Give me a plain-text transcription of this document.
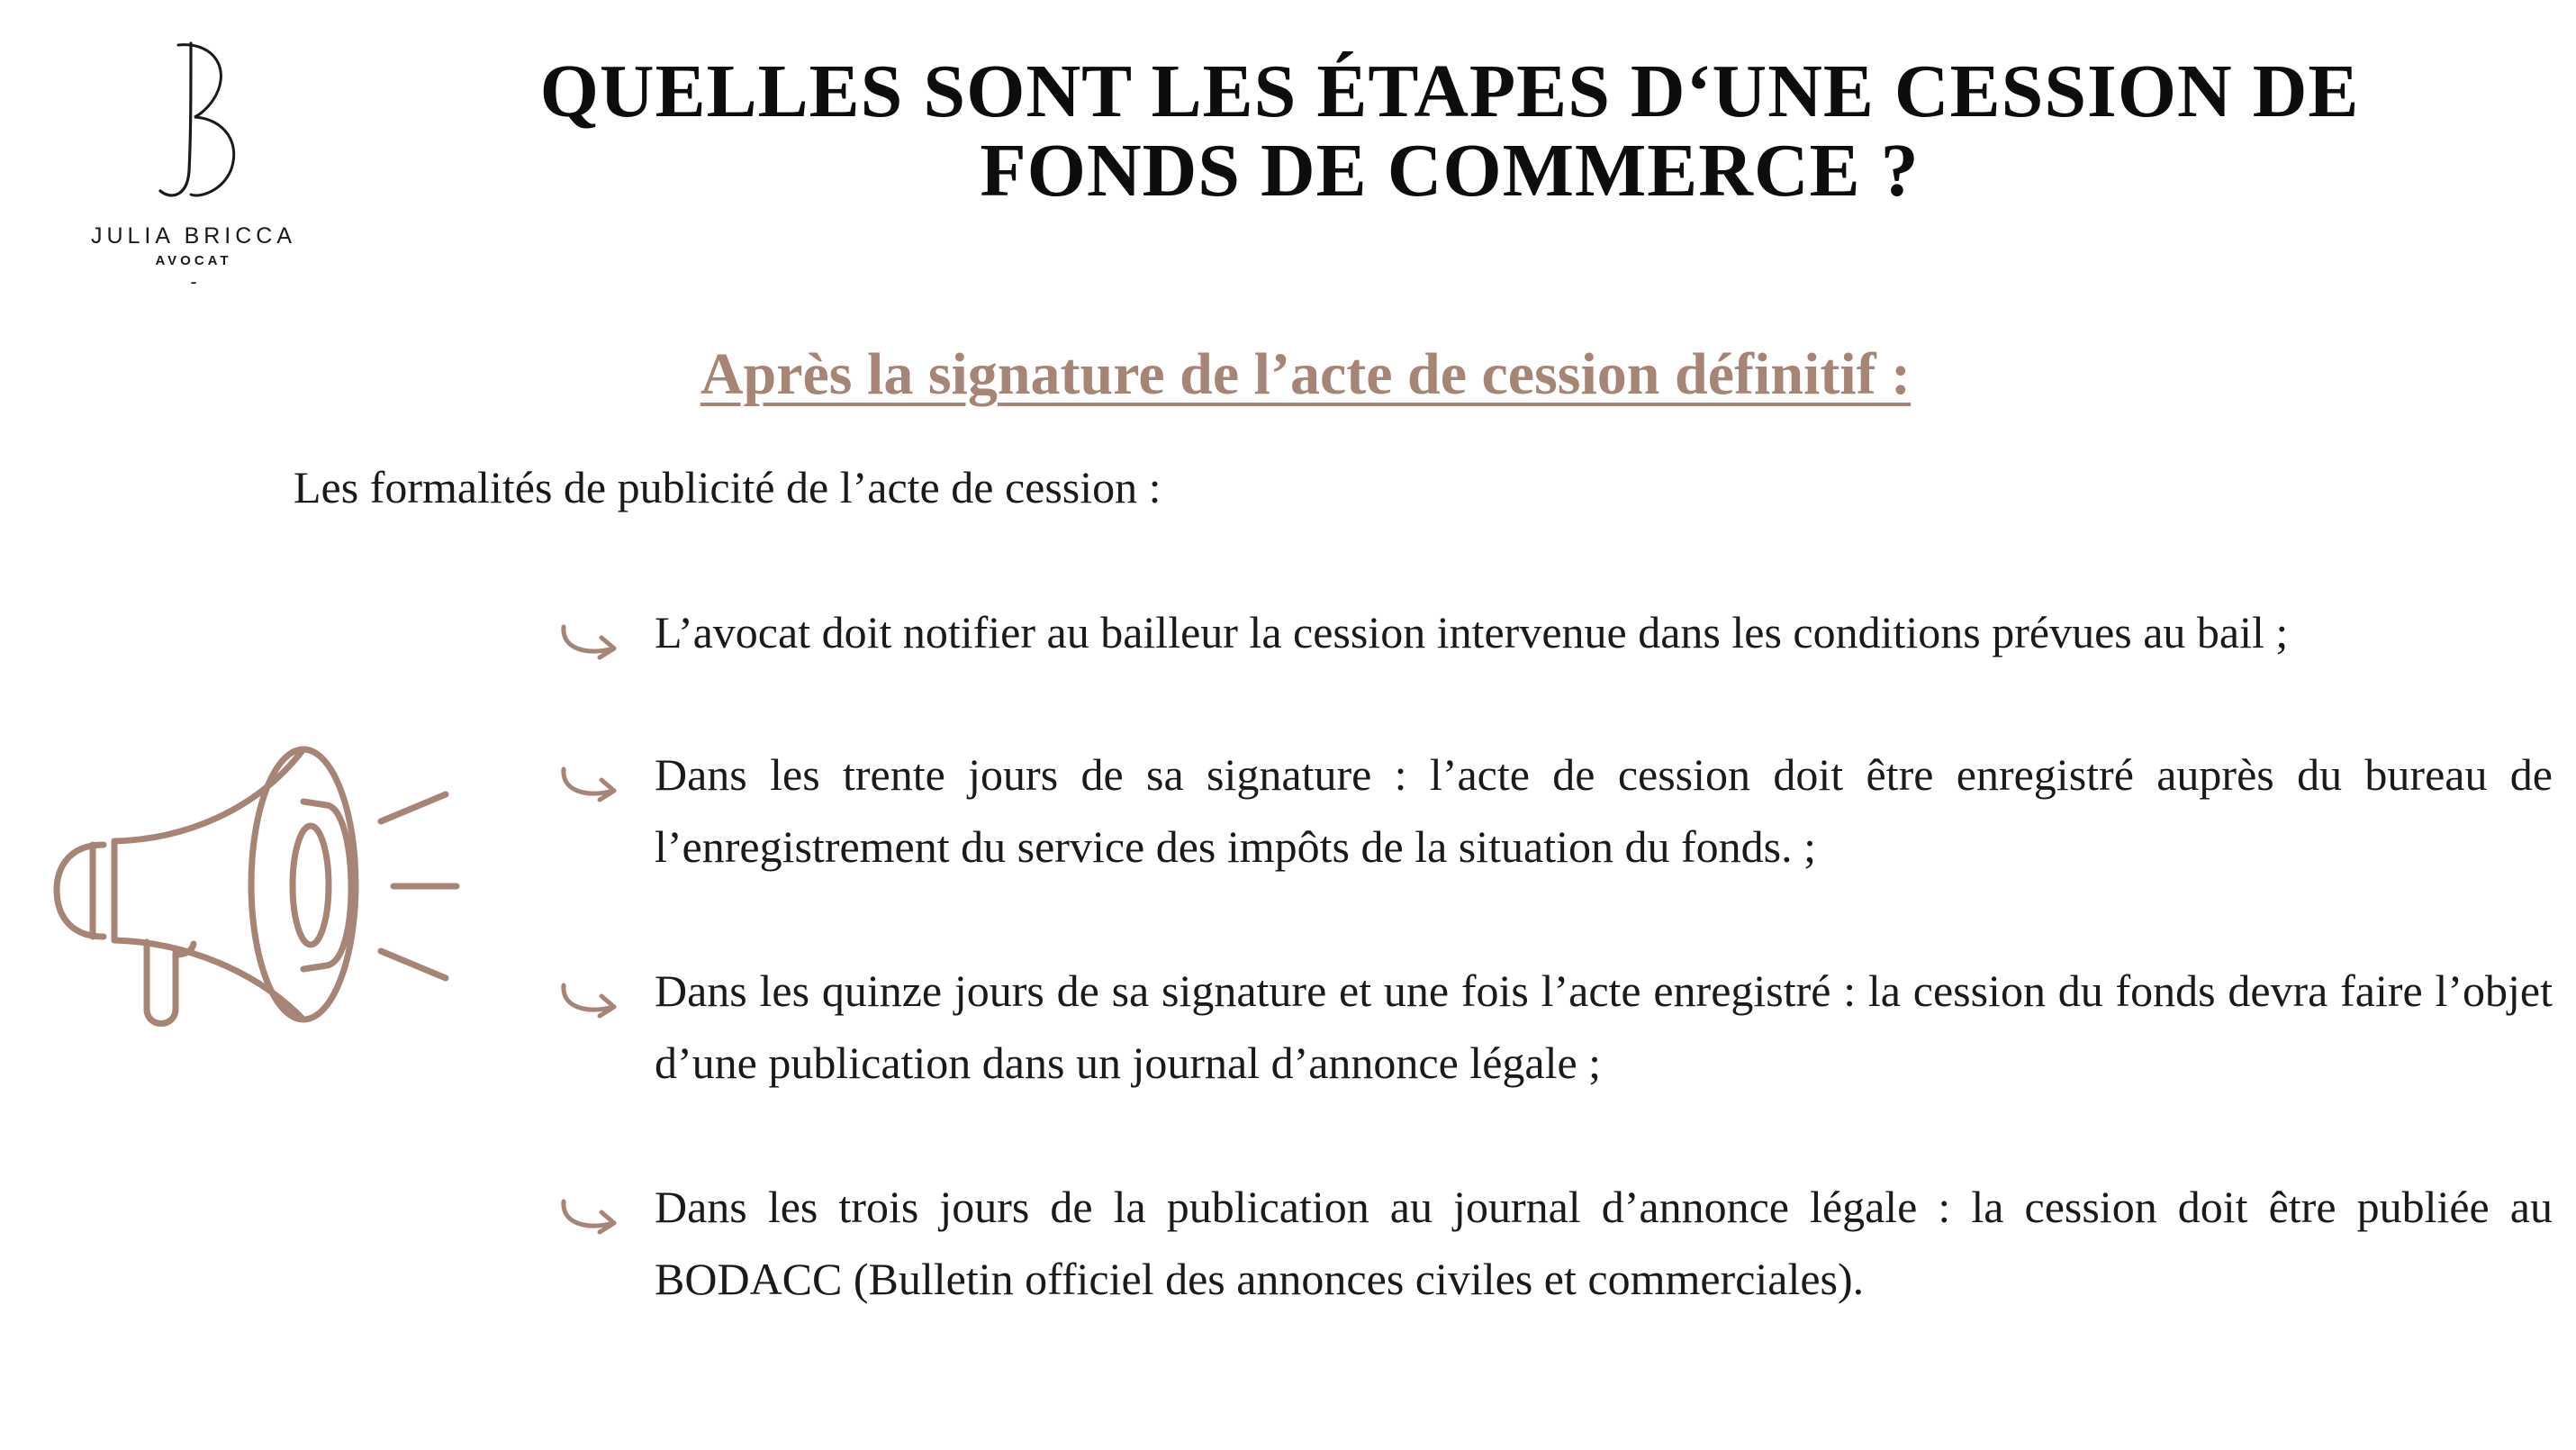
JULIA BRICCA
AVOCAT
-
QUELLES SONT LES ÉTAPES D‘UNE CESSION DE FONDS DE COMMERCE ?
Après la signature de l’acte de cession définitif :
Les formalités de publicité de l’acte de cession :
L’avocat doit notifier au bailleur la cession intervenue dans les conditions prévues au bail ;
Dans les trente jours de sa signature : l’acte de cession doit être enregistré auprès du bureau de l’enregistrement du service des impôts de la situation du fonds. ;
Dans les quinze jours de sa signature et une fois l’acte enregistré : la cession du fonds devra faire l’objet d’une publication dans un journal d’annonce légale ;
Dans les trois jours de la publication au journal d’annonce légale : la cession doit être publiée au BODACC (Bulletin officiel des annonces civiles et commerciales).
